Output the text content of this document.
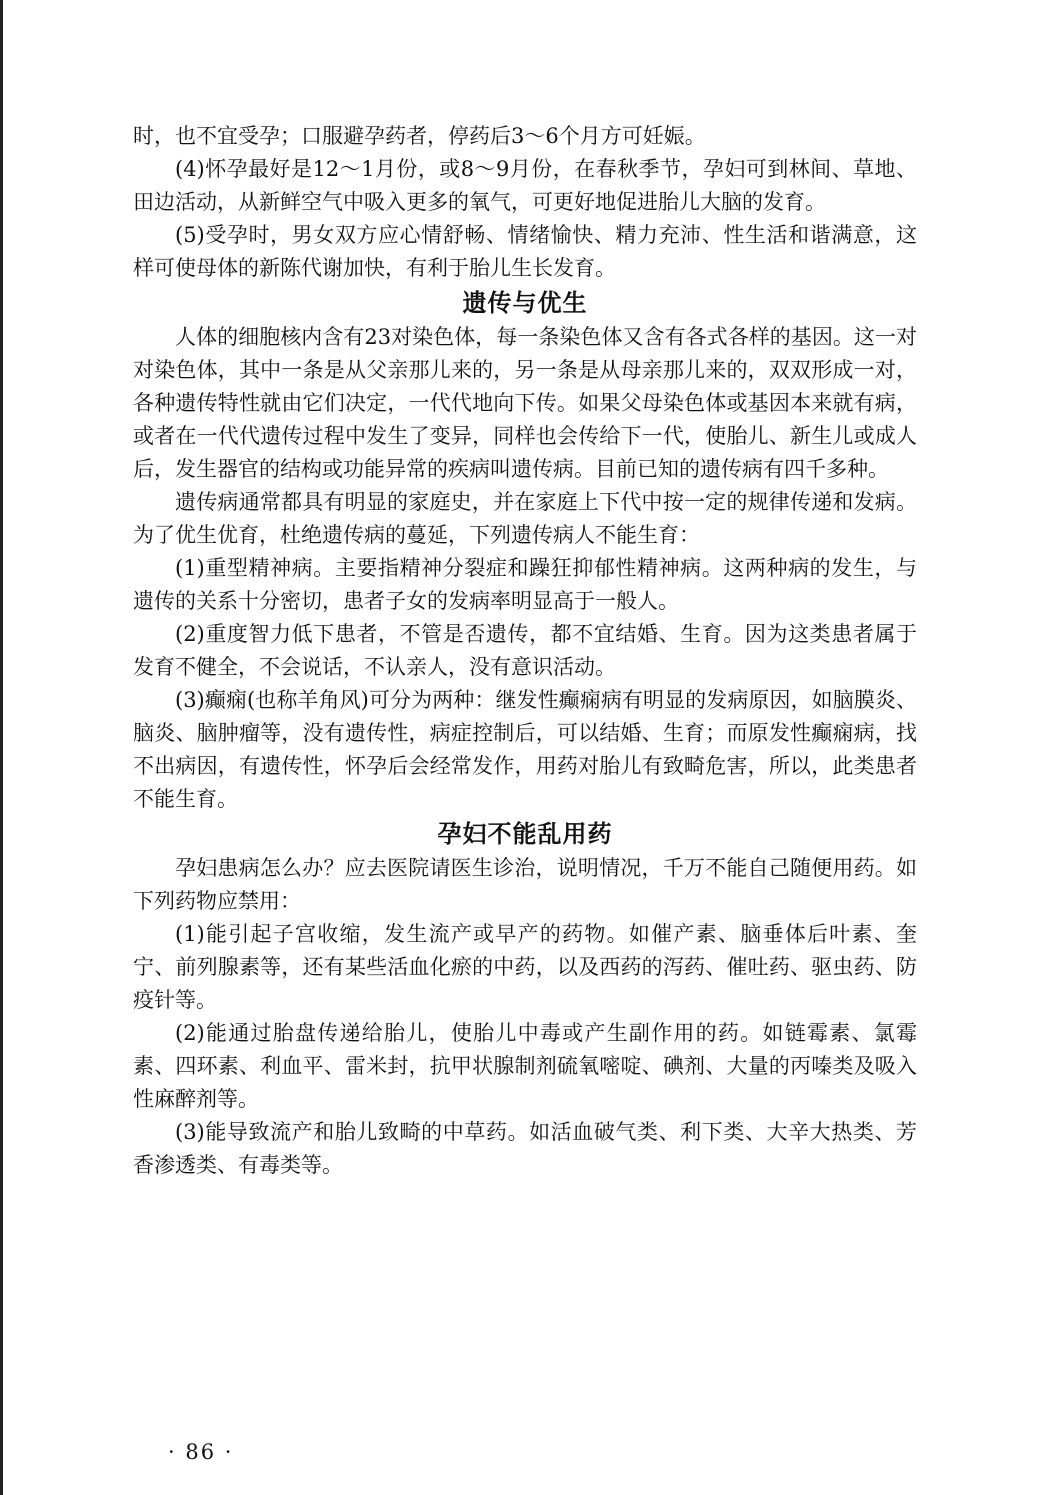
时，也不宜受孕；口服避孕药者，停药后3～6个月方可妊娠。

(4)怀孕最好是12～1月份，或8～9月份，在春秋季节，孕妇可到林间、草地、田边活动，从新鲜空气中吸入更多的氧气，可更好地促进胎儿大脑的发育。

(5)受孕时，男女双方应心情舒畅、情绪愉快、精力充沛、性生活和谐满意，这样可使母体的新陈代谢加快，有利于胎儿生长发育。

遗传与优生

人体的细胞核内含有23对染色体，每一条染色体又含有各式各样的基因。这一对对染色体，其中一条是从父亲那儿来的，另一条是从母亲那儿来的，双双形成一对，各种遗传特性就由它们决定，一代代地向下传。如果父母染色体或基因本来就有病，或者在一代代遗传过程中发生了变异，同样也会传给下一代，使胎儿、新生儿或成人后，发生器官的结构或功能异常的疾病叫遗传病。目前已知的遗传病有四千多种。

遗传病通常都具有明显的家庭史，并在家庭上下代中按一定的规律传递和发病。为了优生优育，杜绝遗传病的蔓延，下列遗传病人不能生育：

(1)重型精神病。主要指精神分裂症和躁狂抑郁性精神病。这两种病的发生，与遗传的关系十分密切，患者子女的发病率明显高于一般人。

(2)重度智力低下患者，不管是否遗传，都不宜结婚、生育。因为这类患者属于发育不健全，不会说话，不认亲人，没有意识活动。

(3)癫痫(也称羊角风)可分为两种：继发性癫痫病有明显的发病原因，如脑膜炎、脑炎、脑肿瘤等，没有遗传性，病症控制后，可以结婚、生育；而原发性癫痫病，找不出病因，有遗传性，怀孕后会经常发作，用药对胎儿有致畸危害，所以，此类患者不能生育。

孕妇不能乱用药

孕妇患病怎么办？应去医院请医生诊治，说明情况，千万不能自己随便用药。如下列药物应禁用：

(1)能引起子宫收缩，发生流产或早产的药物。如催产素、脑垂体后叶素、奎宁、前列腺素等，还有某些活血化瘀的中药，以及西药的泻药、催吐药、驱虫药、防疫针等。

(2)能通过胎盘传递给胎儿，使胎儿中毒或产生副作用的药。如链霉素、氯霉素、四环素、利血平、雷米封，抗甲状腺制剂硫氧嘧啶、碘剂、大量的丙嗪类及吸入性麻醉剂等。

(3)能导致流产和胎儿致畸的中草药。如活血破气类、利下类、大辛大热类、芳香渗透类、有毒类等。

· 86 ·
